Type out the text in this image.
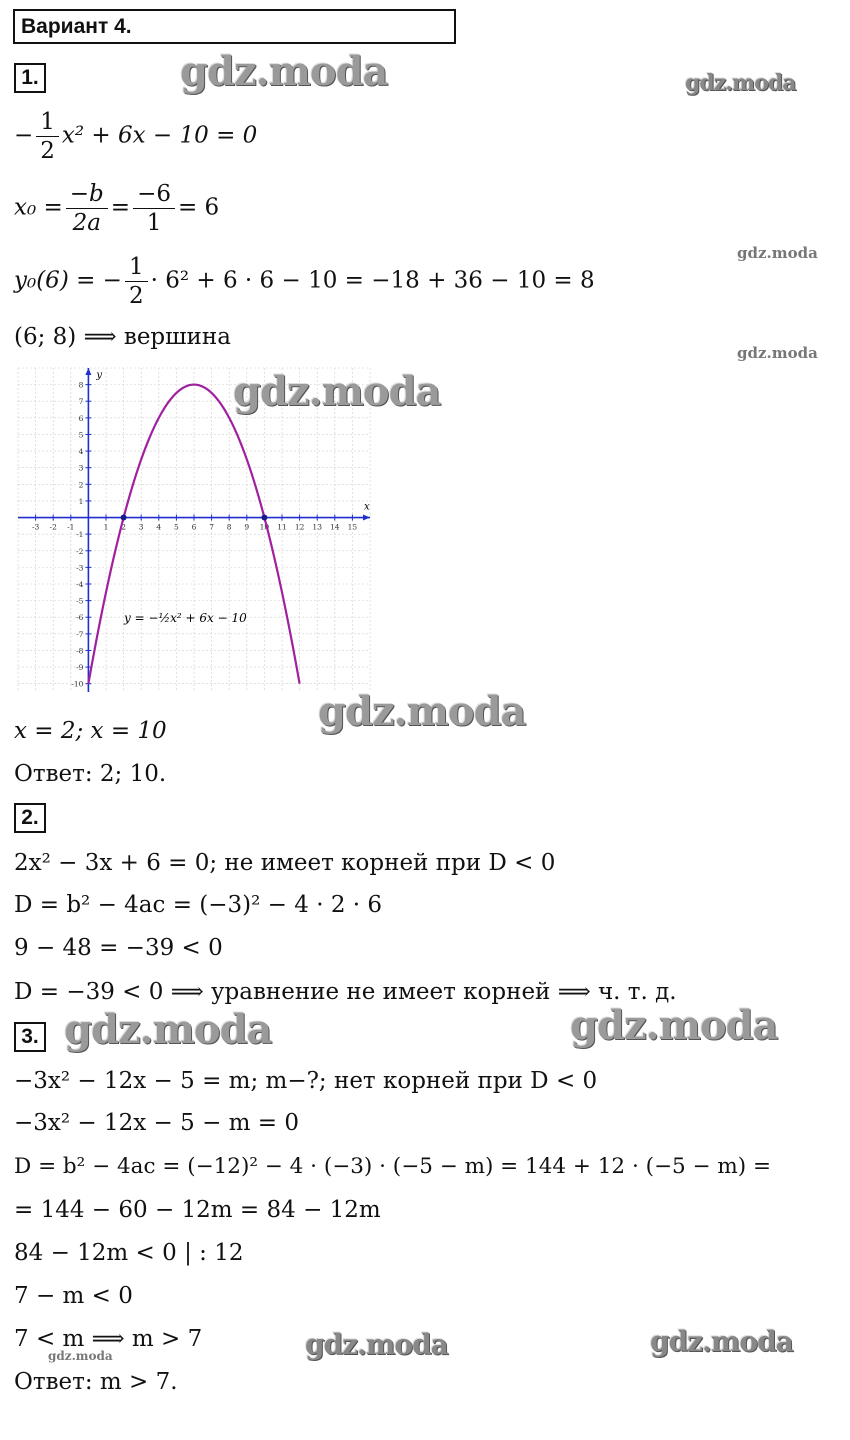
Вариант 4.
1.	gdz.moda	gdz.moda
− $\frac{1}{2} x^2 + 6x - 10 = 0$
$x_0 = \frac{-b}{2a} = \frac{-6}{1} = 6$
gdz.moda
y₀(6) = − $\frac{1}{2} \cdot 6^2 + 6 \cdot 6 - 10 = -18 + 36 - 10 = 8$
(6; 8) ⟹ вершина
gdz.moda
-3 -2 -1	1 2 3 4 5 6 7 8 9 10 11 12 13 14 15
-10
-9
-8
-7
-6
-5
-4
-3
-2
-1
1
2
3
4
5
6
7
8
x
y
y = −½x² + 6x − 10
gdz.moda
gdz.moda
x = 2; x = 10
Ответ: 2; 10.
2.
2x² − 3x + 6 = 0; не имеет корней при D < 0
D = b² − 4ac = (−3)² − 4 · 2 · 6
9 − 48 = −39 < 0
D = −39 < 0 ⟹ уравнение не имеет корней ⟹ ч. т. д.
3. gdz.moda	gdz.moda
−3x² − 12x − 5 = m; m−?; нет корней при D < 0
−3x² − 12x − 5 − m = 0
D = b² − 4ac = (−12)² − 4 · (−3) · (−5 − m) = 144 + 12 · (−5 − m) =
= 144 − 60 − 12m = 84 − 12m
84 − 12m < 0 | : 12
7 − m < 0
7 < m ⟹ m > 7	gdz.moda	gdz.moda
gdz.moda
Ответ: m > 7.
